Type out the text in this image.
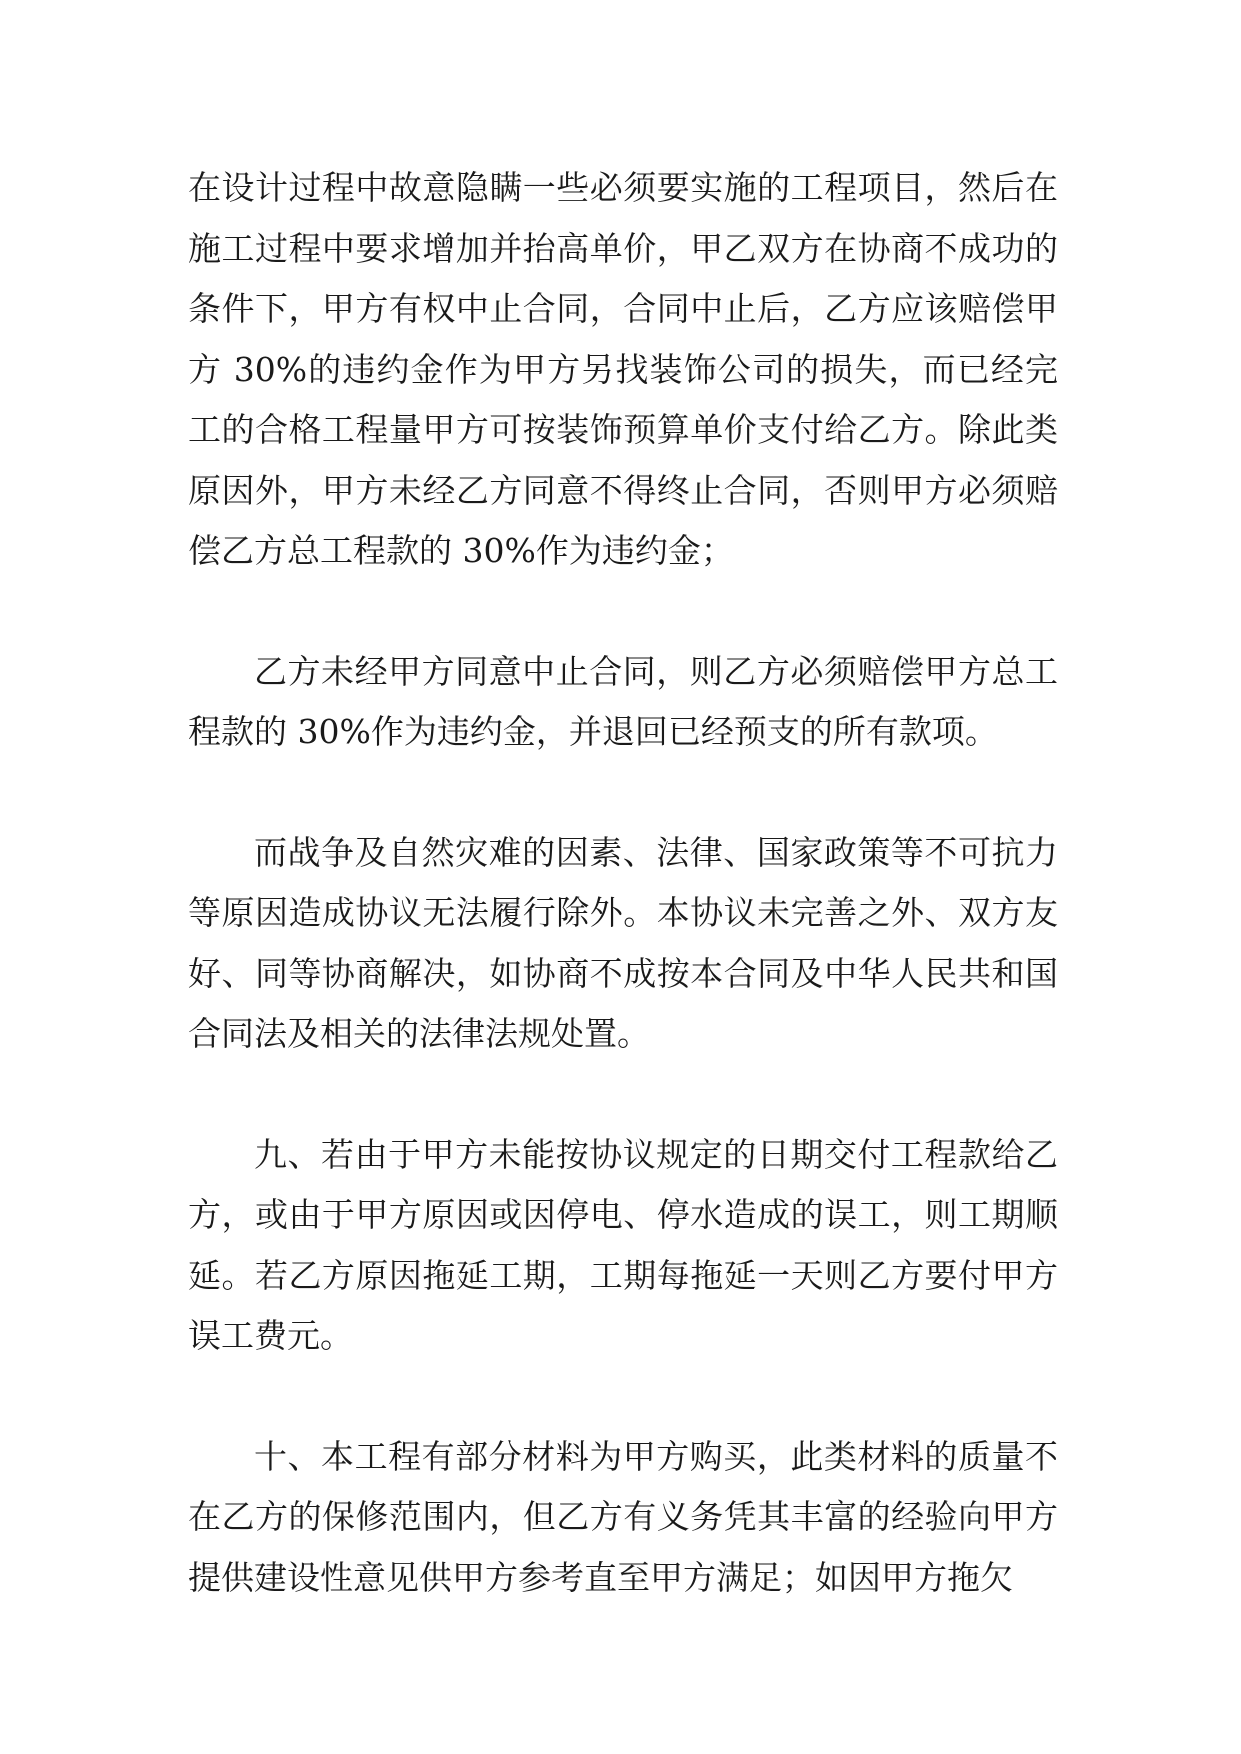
在设计过程中故意隐瞒一些必须要实施的工程项目，然后在施工过程中要求增加并抬高单价，甲乙双方在协商不成功的条件下，甲方有权中止合同，合同中止后，乙方应该赔偿甲方 30%的违约金作为甲方另找装饰公司的损失，而已经完工的合格工程量甲方可按装饰预算单价支付给乙方。除此类原因外，甲方未经乙方同意不得终止合同，否则甲方必须赔偿乙方总工程款的 30%作为违约金；

乙方未经甲方同意中止合同，则乙方必须赔偿甲方总工程款的 30%作为违约金，并退回已经预支的所有款项。

而战争及自然灾难的因素、法律、国家政策等不可抗力等原因造成协议无法履行除外。本协议未完善之外、双方友好、同等协商解决，如协商不成按本合同及中华人民共和国合同法及相关的法律法规处置。

九、若由于甲方未能按协议规定的日期交付工程款给乙方，或由于甲方原因或因停电、停水造成的误工，则工期顺延。若乙方原因拖延工期，工期每拖延一天则乙方要付甲方误工费元。

十、本工程有部分材料为甲方购买，此类材料的质量不在乙方的保修范围内，但乙方有义务凭其丰富的经验向甲方提供建设性意见供甲方参考直至甲方满足；如因甲方拖欠
